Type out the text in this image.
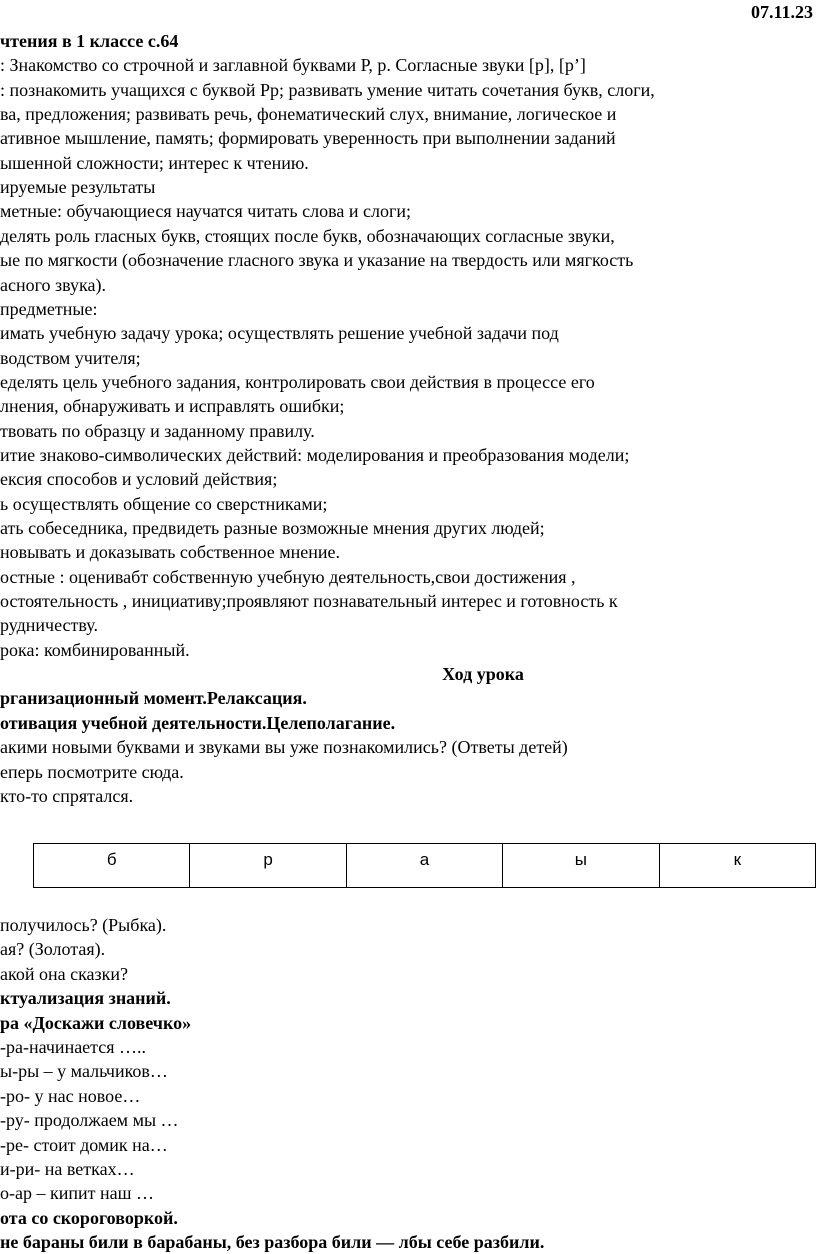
07.11.23
чтения в 1 классе с.64
: Знакомство со строчной и заглавной буквами Р, р. Согласные звуки [р], [р’]
: познакомить учащихся с буквой Рр; развивать умение читать сочетания букв, слоги,
ва, предложения; развивать речь, фонематический слух, внимание, логическое и
ативное мышление, память; формировать уверенность при выполнении заданий
ышенной сложности; интерес к чтению.
ируемые результаты
метные: обучающиеся научатся читать слова и слоги;
делять роль гласных букв, стоящих после букв, обозначающих согласные звуки,
ые по мягкости (обозначение гласного звука и указание на твердость или мягкость
асного звука).
предметные:
имать учебную задачу урока; осуществлять решение учебной задачи под
водством учителя;
еделять цель учебного задания, контролировать свои действия в процессе его
лнения, обнаруживать и исправлять ошибки;
твовать по образцу и заданному правилу.
итие знаково-символических действий: моделирования и преобразования модели;
ексия способов и условий действия;
ь осуществлять общение со сверстниками;
ать собеседника, предвидеть разные возможные мнения других людей;
новывать и доказывать собственное мнение.
остные : оценивабт собственную учебную деятельность,свои достижения ,
остоятельность , инициативу;проявляют познавательный интерес и готовность к
рудничеству.
рока: комбинированный.
Ход урока
рганизационный момент.Релаксация.
отивация учебной деятельности.Целеполагание.
акими новыми буквами и звуками вы уже познакомились? (Ответы детей)
еперь посмотрите сюда.
кто-то спрятался.
б	р	а	ы	к
получилось? (Рыбка).
ая? (Золотая).
акой она сказки?
ктуализация знаний.
ра «Доскажи словечко»
-ра-начинается …..
ы-ры – у мальчиков…
-ро- у нас новое…
-ру- продолжаем мы …
-ре- стоит домик на…
и-ри- на ветках…
о-ар – кипит наш …
ота со скороговоркой.
не бараны били в барабаны, без разбора били — лбы себе разбили.
